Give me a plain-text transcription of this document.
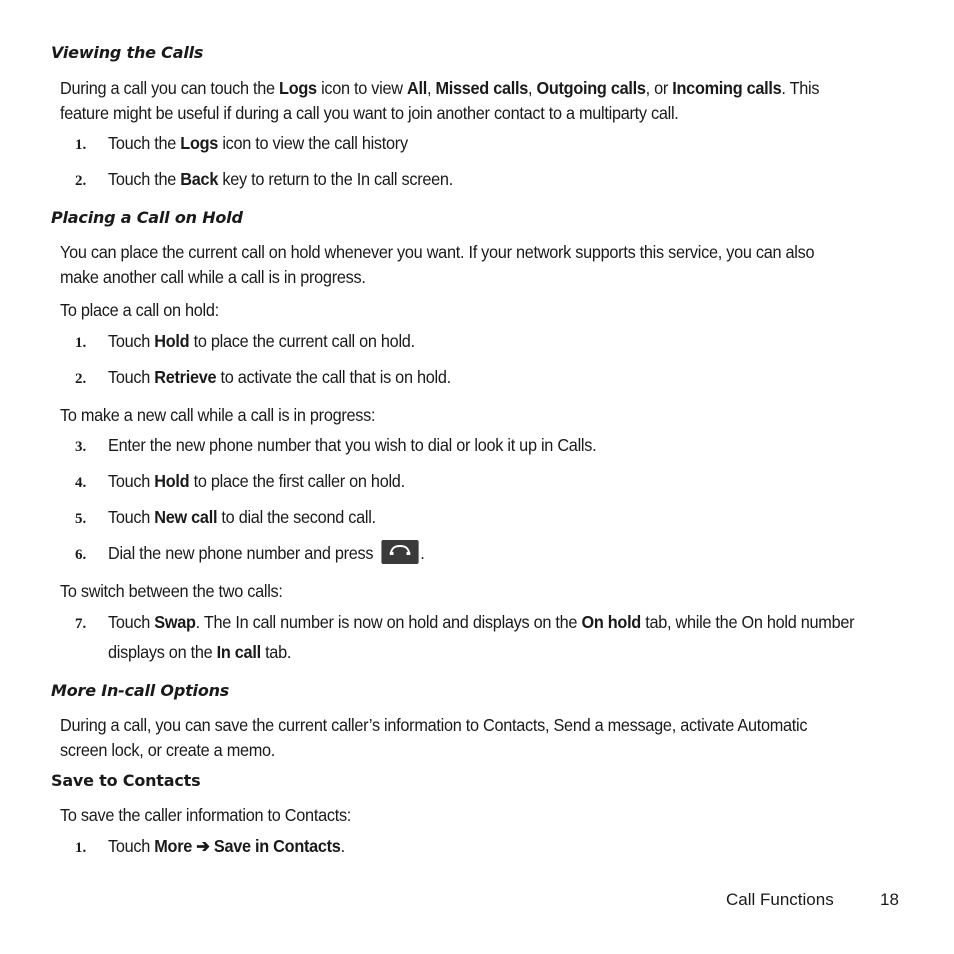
Viewing the Calls
During a call you can touch the Logs icon to view All, Missed calls, Outgoing calls, or Incoming calls. This feature might be useful if during a call you want to join another contact to a multiparty call.
1. Touch the Logs icon to view the call history
2. Touch the Back key to return to the In call screen.
Placing a Call on Hold
You can place the current call on hold whenever you want. If your network supports this service, you can also make another call while a call is in progress.
To place a call on hold:
1. Touch Hold to place the current call on hold.
2. Touch Retrieve to activate the call that is on hold.
To make a new call while a call is in progress:
3. Enter the new phone number that you wish to dial or look it up in Calls.
4. Touch Hold to place the first caller on hold.
5. Touch New call to dial the second call.
6. Dial the new phone number and press
.
To switch between the two calls:
7. Touch Swap. The In call number is now on hold and displays on the On hold tab, while the On hold number
displays on the In call tab.
More In-call Options
During a call, you can save the current caller’s information to Contacts, Send a message, activate Automatic screen lock, or create a memo.
Save to Contacts
To save the caller information to Contacts:
1. Touch More ➔ Save in Contacts.
Call Functions	18
